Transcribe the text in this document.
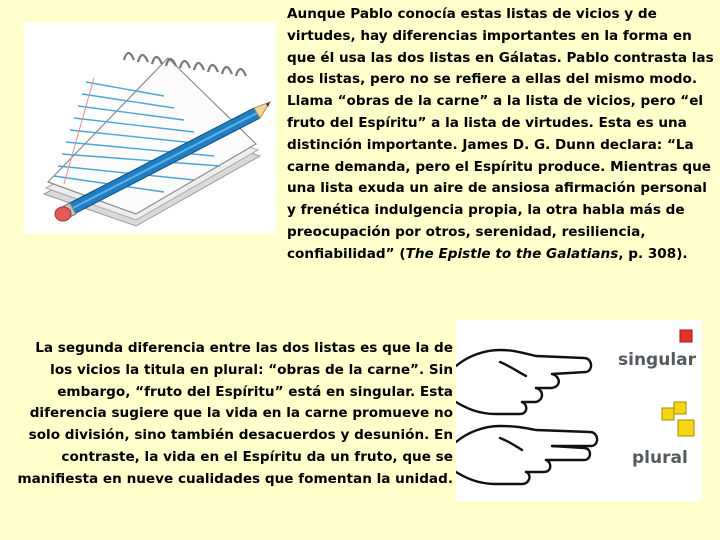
Aunque Pablo conocía estas listas de vicios y de virtudes, hay diferencias importantes en la forma en que él usa las dos listas en Gálatas. Pablo contrasta las dos listas, pero no se refiere a ellas del mismo modo. Llama “obras de la carne” a la lista de vicios, pero “el fruto del Espíritu” a la lista de virtudes. Esta es una distinción importante. James D. G. Dunn declara: “La carne demanda, pero el Espíritu produce. Mientras que una lista exuda un aire de ansiosa afirmación personal y frenética indulgencia propia, la otra habla más de preocupación por otros, serenidad, resiliencia, confiabilidad” (The Epistle to the Galatians, p. 308).

La segunda diferencia entre las dos listas es que la de los vicios la titula en plural: “obras de la carne”. Sin embargo, “fruto del Espíritu” está en singular. Esta diferencia sugiere que la vida en la carne promueve no solo división, sino también desacuerdos y desunión. En contraste, la vida en el Espíritu da un fruto, que se manifiesta en nueve cualidades que fomentan la unidad.

singular
plural
